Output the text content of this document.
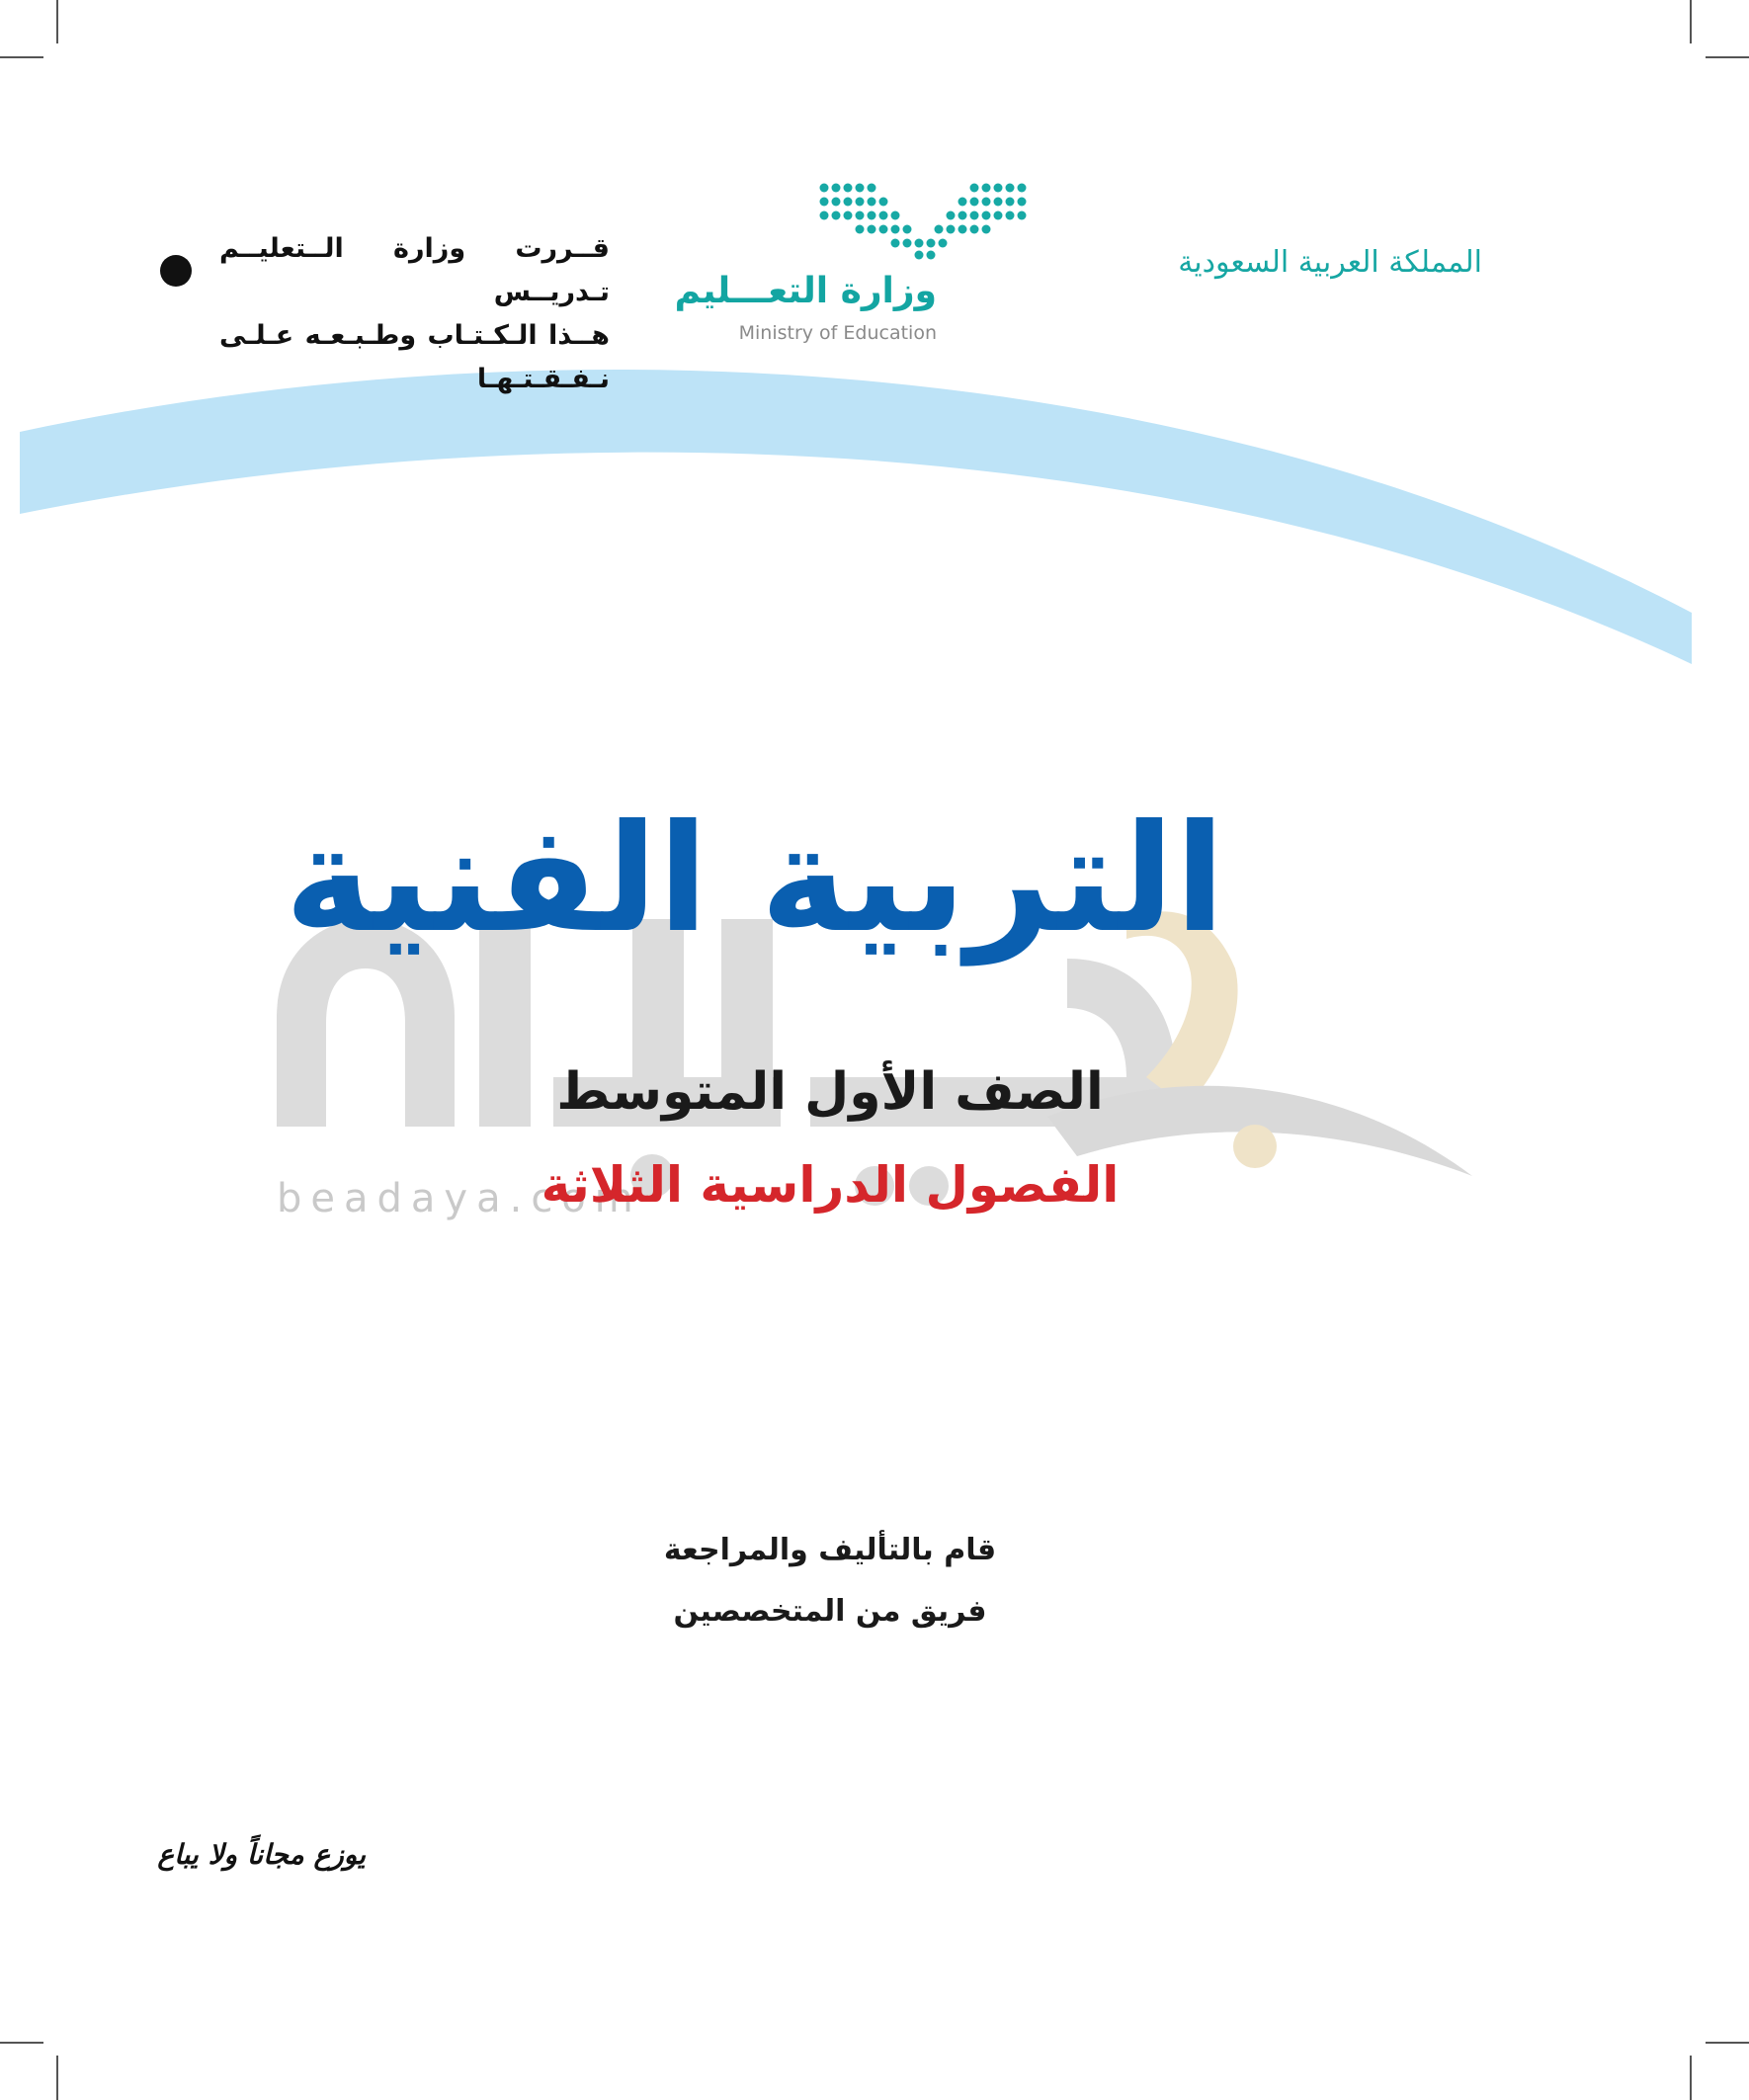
المملكة العربية السعودية
وزارة التعـــليم
Ministry of Education
قــررت وزارة الــتعليــم تـدريــس
هــذا الـكـتـاب وطـبـعـه عـلـى نـفـقـتـهـا
beadaya.com
التربية الفنية
الصف الأول المتوسط
الفصول الدراسية الثلاثة
قام بالتأليف والمراجعة
فريق من المتخصصين
يوزع مجاناً ولا يباع
